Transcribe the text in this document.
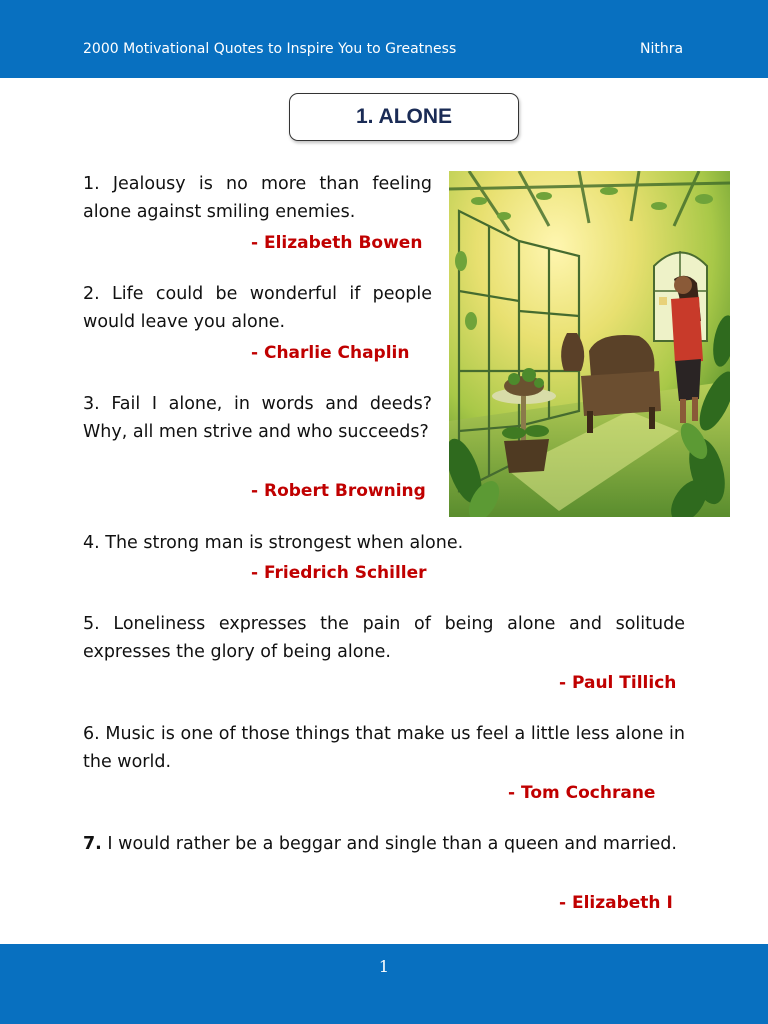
2000 Motivational Quotes to Inspire You to Greatness	Nithra
1. ALONE
1. Jealousy is no more than feeling alone against smiling enemies.
- Elizabeth Bowen
2. Life could be wonderful if people would leave you alone.
- Charlie Chaplin
3. Fail I alone, in words and deeds? Why, all men strive and who succeeds?
- Robert Browning
4. The strong man is strongest when alone.
- Friedrich Schiller
5. Loneliness expresses the pain of being alone and solitude expresses the glory of being alone.
- Paul Tillich
6. Music is one of those things that make us feel a little less alone in the world.
- Tom Cochrane
7. I would rather be a beggar and single than a queen and married.
- Elizabeth I
1
